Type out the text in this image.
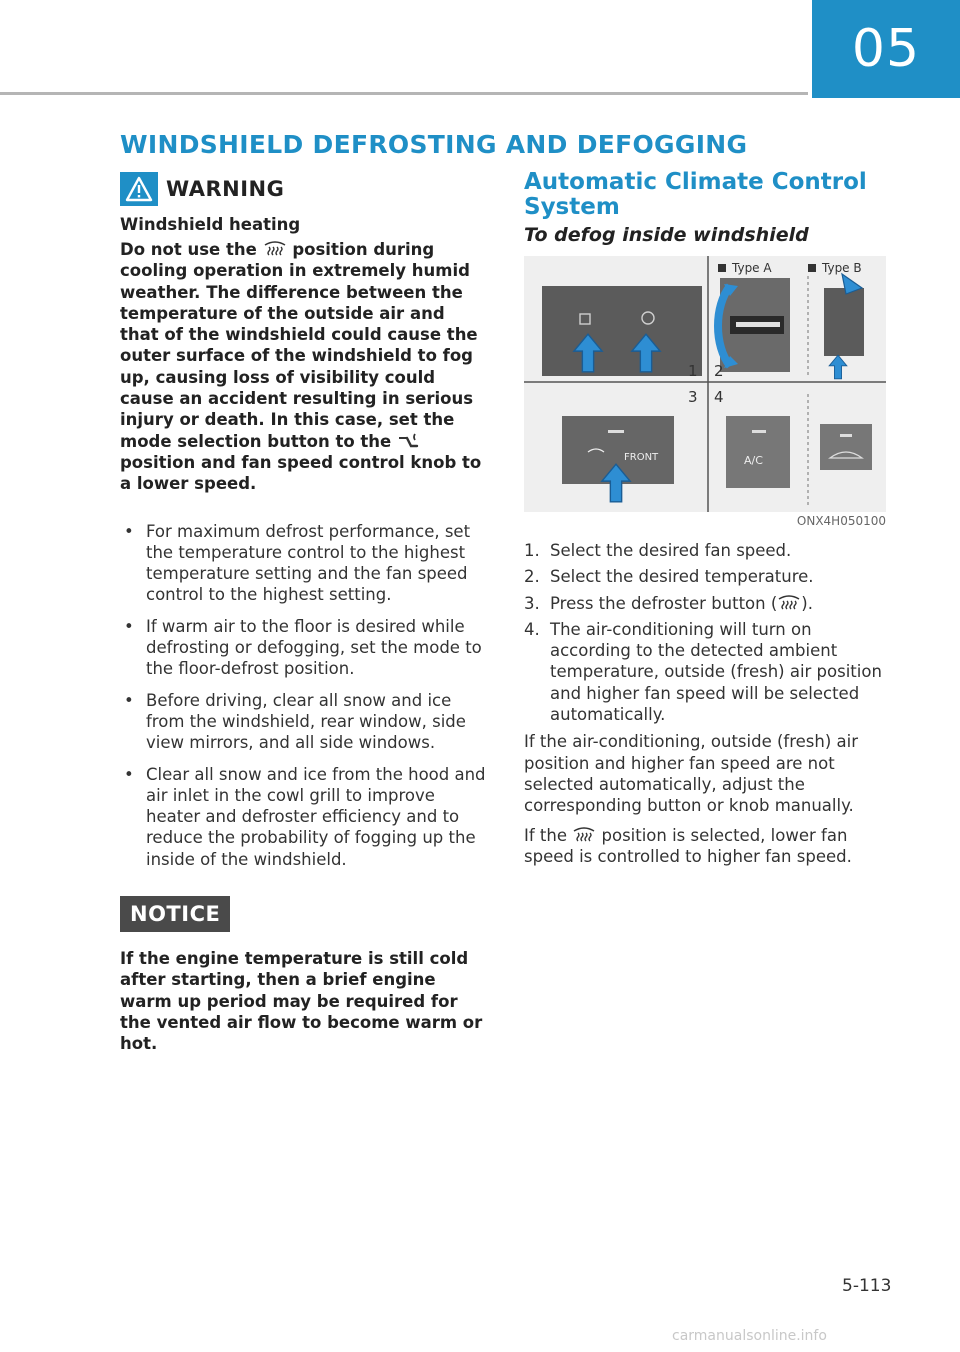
05
WINDSHIELD DEFROSTING AND DEFOGGING
WARNING

Windshield heating

Do not use the position during cooling operation in extremely humid weather. The difference between the temperature of the outside air and that of the windshield could cause the outer surface of the windshield to fog up, causing loss of visibility could cause an accident resulting in serious injury or death. In this case, set the mode selection button to the  position and fan speed control knob to a lower speed.

• For maximum defrost performance, set the temperature control to the highest temperature setting and the fan speed control to the highest setting.
• If warm air to the floor is desired while defrosting or defogging, set the mode to the floor-defrost position.
• Before driving, clear all snow and ice from the windshield, rear window, side view mirrors, and all side windows.
• Clear all snow and ice from the hood and air inlet in the cowl grill to improve heater and defroster efficiency and to reduce the probability of fogging up the inside of the windshield.
NOTICE

If the engine temperature is still cold after starting, then a brief engine warm up period may be required for the vented air flow to become warm or hot.

Automatic Climate Control System
To defog inside windshield
FRONT	A/C
1 2
3 4
Type A	Type B
ONX4H050100
1. Select the desired fan speed.
2. Select the desired temperature.
3. Press the defroster button ( ).
4. The air-conditioning will turn on according to the detected ambient temperature, outside (fresh) air position and higher fan speed will be selected automatically.

If the air-conditioning, outside (fresh) air position and higher fan speed are not selected automatically, adjust the corresponding button or knob manually.

If the position is selected, lower fan speed is controlled to higher fan speed.

5-113
carmanualsonline.info
